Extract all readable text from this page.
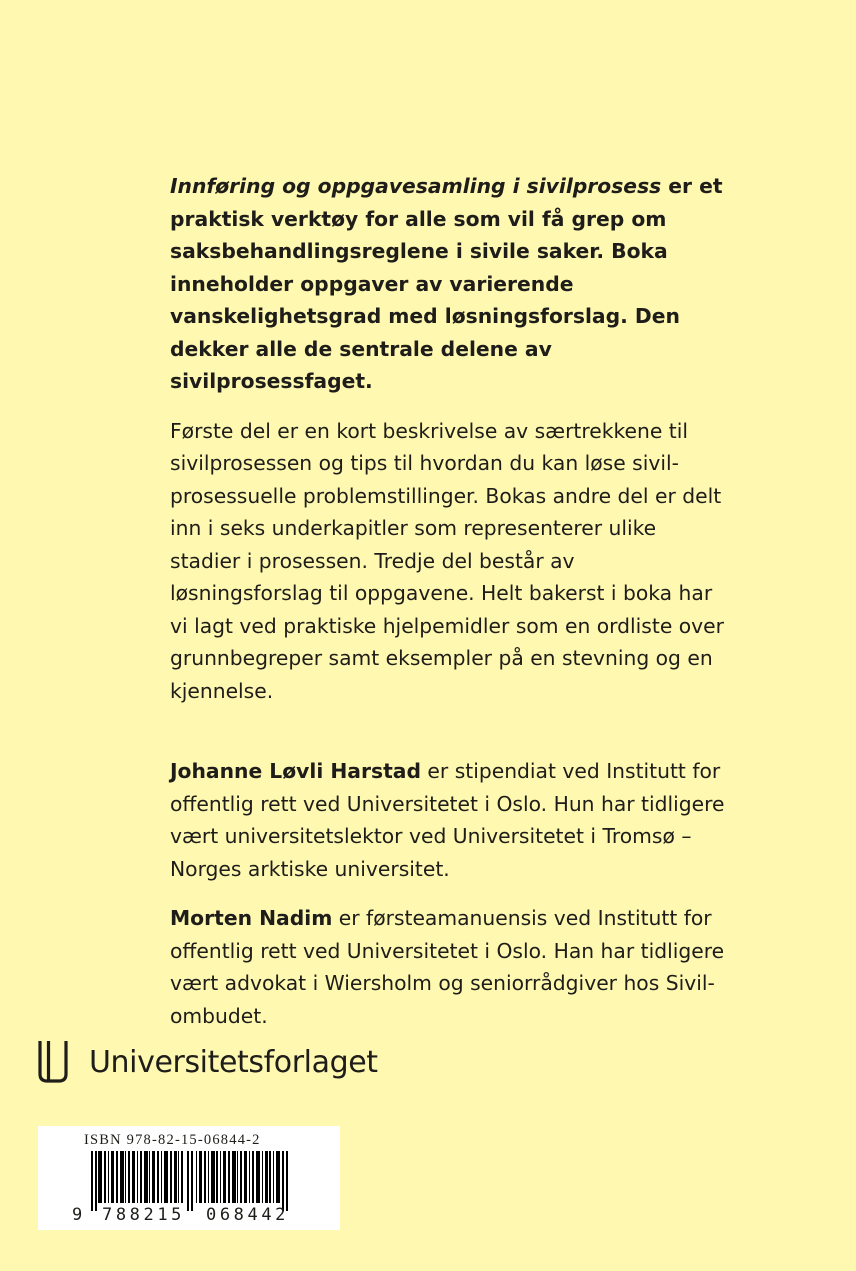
Innføring og oppgavesamling i sivilprosess er et praktisk verktøy for alle som vil få grep om saksbehandlingsreglene i sivile saker. Boka inneholder oppgaver av varierende vanskelighetsgrad med løsningsforslag. Den dekker alle de sentrale delene av sivilprosessfaget.

Første del er en kort beskrivelse av særtrekkene til sivilprosessen og tips til hvordan du kan løse sivilprosessuelle problemstillinger. Bokas andre del er delt inn i seks underkapitler som representerer ulike stadier i prosessen. Tredje del består av løsningsforslag til oppgavene. Helt bakerst i boka har vi lagt ved praktiske hjelpemidler som en ordliste over grunnbegreper samt eksempler på en stevning og en kjennelse.

Johanne Løvli Harstad er stipendiat ved Institutt for offentlig rett ved Universitetet i Oslo. Hun har tidligere vært universitetslektor ved Universitetet i Tromsø – Norges arktiske universitet.

Morten Nadim er førsteamanuensis ved Institutt for offentlig rett ved Universitetet i Oslo. Han har tidligere vært advokat i Wiersholm og seniorrådgiver hos Sivilombudet.

Universitetsforlaget
ISBN 978-82-15-06844-2
9 788215 068442
